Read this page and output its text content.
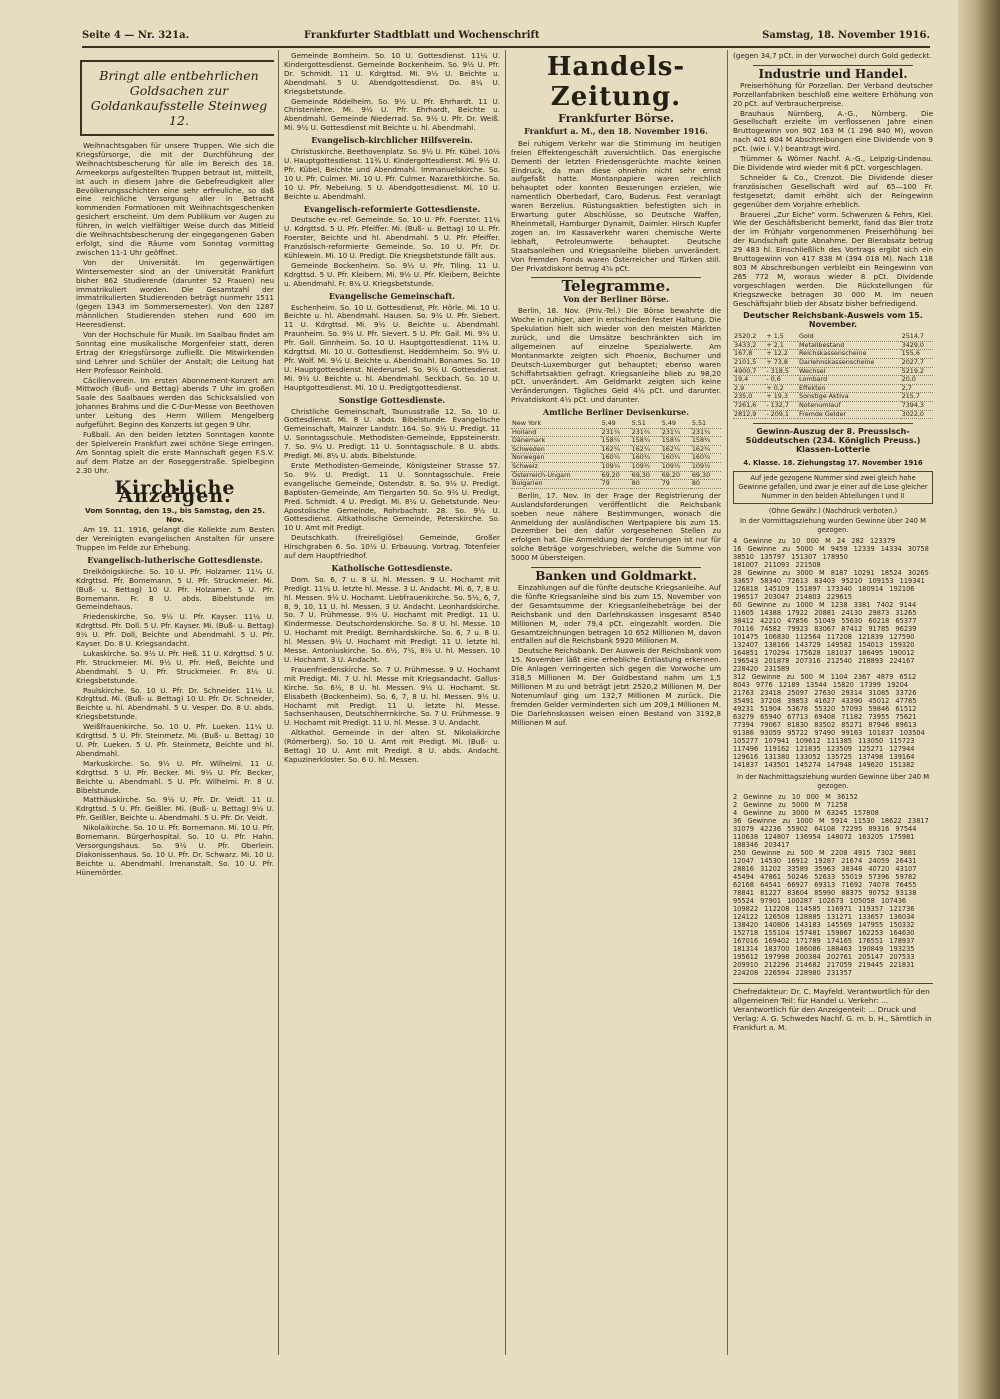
Seite 4 — Nr. 321a.	Frankfurter Stadtblatt und Wochenschrift	Samstag, 18. November 1916.
Bringt alle entbehrlichen Goldsachen zur Goldankaufsstelle Steinweg 12.

Weihnachtsgaben für unsere Truppen. Wie sich die Kriegsfürsorge, die mit der Durchführung der Weihnachtsbescherung für alle im Bereich des 18. Armeekorps aufgestellten Truppen betraut ist, mitteilt, ist auch in diesem Jahre die Gebefreudigkeit aller Bevölkerungsschichten eine sehr erfreuliche, so daß eine reichliche Versorgung aller in Betracht kommenden Formationen mit Weihnachtsgeschenken gesichert erscheint. Um dem Publikum vor Augen zu führen, in welch vielfältiger Weise durch das Mitleid die Weihnachtsbescherung der eingegangenen Gaben erfolgt, sind die Räume vom Sonntag vormittag zwischen 11-1 Uhr geöffnet.

Von der Universität. Im gegenwärtigen Wintersemester sind an der Universität Frankfurt bisher 862 Studierende (darunter 52 Frauen) neu immatrikuliert worden. Die Gesamtzahl der immatrikulierten Studierenden beträgt nunmehr 1511 (gegen 1343 im Sommersemester). Von den 1287 männlichen Studierenden stehen rund 600 im Heeresdienst.

Von der Hochschule für Musik. Im Saalbau findet am Sonntag eine musikalische Morgenfeier statt, deren Ertrag der Kriegsfürsorge zufließt. Die Mitwirkenden sind Lehrer und Schüler der Anstalt; die Leitung hat Herr Professor Reinhold.

Cäcilienverein. Im ersten Abonnement-Konzert am Mittwoch (Buß- und Bettag) abends 7 Uhr im großen Saale des Saalbaues werden das Schicksalslied von Johannes Brahms und die C-Dur-Messe von Beethoven unter Leitung des Herrn Willem Mengelberg aufgeführt. Beginn des Konzerts ist gegen 9 Uhr.

Fußball. An den beiden letzten Sonntagen konnte der Spielverein Frankfurt zwei schöne Siege erringen. Am Sonntag spielt die erste Mannschaft gegen F.S.V. auf dem Platze an der Roseggerstraße. Spielbeginn 2.30 Uhr.

Kirchliche Anzeigen.

Vom Sonntag, den 19., bis Samstag, den 25. Nov.

Am 19. 11. 1916, gelangt die Kollekte zum Besten der Vereinigten evangelischen Anstalten für unsere Truppen im Felde zur Erhebung.

Evangelisch-lutherische Gottesdienste.

Dreikönigskirche. So. 10 U. Pfr. Holzamer. 11¼ U. Kdrgttsd. Pfr. Bornemann. 5 U. Pfr. Struckmeier. Mi. (Buß- u. Bettag) 10 U. Pfr. Holzamer. 5 U. Pfr. Bornemann. Fr. 8 U. abds. Bibelstunde im Gemeindehaus.

Friedenskirche. So. 9½ U. Pfr. Kayser. 11¼ U. Kdrgttsd. Pfr. Doll. 5 U. Pfr. Kayser. Mi. (Buß- u. Bettag) 9½ U. Pfr. Doll, Beichte und Abendmahl. 5 U. Pfr. Kayser. Do. 8 U. Kriegsandacht.

Lukaskirche. So. 9½ U. Pfr. Heß. 11 U. Kdrgttsd. 5 U. Pfr. Struckmeier. Mi. 9½ U. Pfr. Heß, Beichte und Abendmahl. 5 U. Pfr. Struckmeier. Fr. 8¼ U. Kriegsbetstunde.

Paulskirche. So. 10 U. Pfr. Dr. Schneider. 11¼ U. Kdrgttsd. Mi. (Buß- u. Bettag) 10 U. Pfr. Dr. Schneider, Beichte u. hl. Abendmahl. 5 U. Vesper. Do. 8 U. abds. Kriegsbetstunde.

Weißfrauenkirche. So. 10 U. Pfr. Lueken. 11¼ U. Kdrgttsd. 5 U. Pfr. Steinmetz. Mi. (Buß- u. Bettag) 10 U. Pfr. Lueken. 5 U. Pfr. Steinmetz, Beichte und hl. Abendmahl.

Markuskirche. So. 9½ U. Pfr. Wilhelmi. 11 U. Kdrgttsd. 5 U. Pfr. Becker. Mi. 9½ U. Pfr. Becker, Beichte u. Abendmahl. 5 U. Pfr. Wilhelmi. Fr. 8 U. Bibelstunde.

Matthäuskirche. So. 9½ U. Pfr. Dr. Veidt. 11 U. Kdrgttsd. 5 U. Pfr. Geißler. Mi. (Buß- u. Bettag) 9½ U. Pfr. Geißler, Beichte u. Abendmahl. 5 U. Pfr. Dr. Veidt.

Nikolaikirche. So. 10 U. Pfr. Bornemann. Mi. 10 U. Pfr. Bornemann. Bürgerhospital. So. 10 U. Pfr. Hahn. Versorgungshaus. So. 9½ U. Pfr. Oberlein. Diakonissenhaus. So. 10 U. Pfr. Dr. Schwarz. Mi. 10 U. Beichte u. Abendmahl. Irrenanstalt. So. 10 U. Pfr. Hünemörder.

Gemeinde Bornheim. So. 10 U. Gottesdienst. 11¼ U. Kindergottesdienst. Gemeinde Bockenheim. So. 9½ U. Pfr. Dr. Schmidt. 11 U. Kdrgttsd. Mi. 9½ U. Beichte u. Abendmahl. 5 U. Abendgottesdienst. Do. 8¼ U. Kriegsbetstunde.

Gemeinde Rödelheim. So. 9½ U. Pfr. Ehrhardt. 11 U. Christenlehre. Mi. 9½ U. Pfr. Ehrhardt, Beichte u. Abendmahl. Gemeinde Niederrad. So. 9½ U. Pfr. Dr. Weiß. Mi. 9½ U. Gottesdienst mit Beichte u. hl. Abendmahl.

Evangelisch-kirchlicher Hilfsverein.

Christuskirche. Beethovenplatz. So. 9½ U. Pfr. Kübel. 10½ U. Hauptgottesdienst. 11¾ U. Kindergottesdienst. Mi. 9½ U. Pfr. Kübel, Beichte und Abendmahl. Immanuelskirche. So. 10 U. Pfr. Culmer. Mi. 10 U. Pfr. Culmer. Nazarethkirche. So. 10 U. Pfr. Nebelung. 5 U. Abendgottesdienst. Mi. 10 U. Beichte u. Abendmahl.

Evangelisch-reformierte Gottesdienste.

Deutsche ev.-ref. Gemeinde. So. 10 U. Pfr. Foerster. 11¼ U. Kdrgttsd. 5 U. Pfr. Pfeiffer. Mi. (Buß- u. Bettag) 10 U. Pfr. Foerster, Beichte und hl. Abendmahl. 5 U. Pfr. Pfeiffer. Französisch-reformierte Gemeinde. So. 10 U. Pfr. Dr. Kühlewein. Mi. 10 U. Predigt. Die Kriegsbetstunde fällt aus.

Gemeinde Bockenheim. So. 9½ U. Pfr. Tiling. 11 U. Kdrgttsd. 5 U. Pfr. Kleibern. Mi. 9½ U. Pfr. Kleibern, Beichte u. Abendmahl. Fr. 8¼ U. Kriegsbetstunde.

Evangelische Gemeinschaft.

Eschenheim. So. 10 U. Gottesdienst, Pfr. Hörle. Mi. 10 U. Beichte u. hl. Abendmahl. Hausen. So. 9½ U. Pfr. Siebert. 11 U. Kdrgttsd. Mi. 9½ U. Beichte u. Abendmahl. Praunheim. So. 9½ U. Pfr. Sievert. 5 U. Pfr. Gail. Mi. 9½ U. Pfr. Gail. Ginnheim. So. 10 U. Hauptgottesdienst. 11¼ U. Kdrgttsd. Mi. 10 U. Gottesdienst. Heddernheim. So. 9½ U. Pfr. Wolf. Mi. 9½ U. Beichte u. Abendmahl. Bonames. So. 10 U. Hauptgottesdienst. Niederursel. So. 9½ U. Gottesdienst. Mi. 9½ U. Beichte u. hl. Abendmahl. Seckbach. So. 10 U. Hauptgottesdienst. Mi. 10 U. Predigtgottesdienst.

Sonstige Gottesdienste.

Christliche Gemeinschaft, Taunusstraße 12. So. 10 U. Gottesdienst. Mi. 8 U. abds. Bibelstunde. Evangelische Gemeinschaft, Mainzer Landstr. 164. So. 9½ U. Predigt. 11 U. Sonntagsschule. Methodisten-Gemeinde, Eppsteinerstr. 7. So. 9½ U. Predigt. 11 U. Sonntagsschule. 8 U. abds. Predigt. Mi. 8¼ U. abds. Bibelstunde.

Erste Methodisten-Gemeinde, Königsteiner Strasse 57. So. 9½ U. Predigt. 11 U. Sonntagsschule. Freie evangelische Gemeinde, Ostendstr. 8. So. 9½ U. Predigt. Baptisten-Gemeinde, Am Tiergarten 50. So. 9½ U. Predigt, Pred. Schmidt. 4 U. Predigt. Mi. 8¼ U. Gebetstunde. Neu-Apostolische Gemeinde, Rohrbachstr. 28. So. 9½ U. Gottesdienst. Altkatholische Gemeinde, Peterskirche. So. 10 U. Amt mit Predigt.

Deutschkath. (freireligiöse) Gemeinde, Großer Hirschgraben 6. So. 10½ U. Erbauung. Vortrag. Totenfeier auf dem Hauptfriedhof.

Katholische Gottesdienste.

Dom. So. 6, 7 u. 8 U. hl. Messen. 9 U. Hochamt mit Predigt. 11¼ U. letzte hl. Messe. 3 U. Andacht. Mi. 6, 7, 8 U. hl. Messen. 9½ U. Hochamt. Liebfrauenkirche. So. 5½, 6, 7, 8, 9, 10, 11 U. hl. Messen. 3 U. Andacht. Leonhardskirche. So. 7 U. Frühmesse. 9½ U. Hochamt mit Predigt. 11 U. Kindermesse. Deutschordenskirche. So. 8 U. hl. Messe. 10 U. Hochamt mit Predigt. Bernhardskirche. So. 6, 7 u. 8 U. hl. Messen. 9½ U. Hochamt mit Predigt. 11 U. letzte hl. Messe. Antoniuskirche. So. 6½, 7½, 8½ U. hl. Messen. 10 U. Hochamt. 3 U. Andacht.

Frauenfriedenskirche. So. 7 U. Frühmesse. 9 U. Hochamt mit Predigt. Mi. 7 U. hl. Messe mit Kriegsandacht. Gallus-Kirche. So. 6½, 8 U. hl. Messen. 9½ U. Hochamt. St. Elisabeth (Bockenheim). So. 6, 7, 8 U. hl. Messen. 9½ U. Hochamt mit Predigt. 11 U. letzte hl. Messe. Sachsenhausen, Deutschherrnkirche. So. 7 U. Frühmesse. 9 U. Hochamt mit Predigt. 11 U. hl. Messe. 3 U. Andacht.

Altkathol. Gemeinde in der alten St. Nikolaikirche (Römerberg). So. 10 U. Amt mit Predigt. Mi. (Buß- u. Bettag) 10 U. Amt mit Predigt. 8 U. abds. Andacht. Kapuzinerkloster. So. 6 U. hl. Messen.

Handels-Zeitung.
Frankfurter Börse.
Frankfurt a. M., den 18. November 1916.

Bei ruhigem Verkehr war die Stimmung im heutigen freien Effektengeschäft zuversichtlich. Das energische Dementi der letzten Friedensgerüchte machte keinen Eindruck, da man diese ohnehin nicht sehr ernst aufgefaßt hatte. Montanpapiere waren reichlich behauptet oder konnten Besserungen erzielen, wie namentlich Oberbedarf, Caro, Buderus. Fest veranlagt waren Berzelius. Rüstungsaktien befestigten sich in Erwartung guter Abschlüsse, so Deutsche Waffen, Rheinmetall, Hamburger Dynamit, Daimler. Hirsch Kupfer zogen an. Im Kassaverkehr waren chemische Werte lebhaft, Petroleumwerte behauptet. Deutsche Staatsanleihen und Kriegsanleihe blieben unverändert. Von fremden Fonds waren Österreicher und Türken still. Der Privatdiskont betrug 4⅝ pCt.

Telegramme.
Von der Berliner Börse.

Berlin, 18. Nov. (Priv.-Tel.) Die Börse bewahrte die Woche in ruhiger, aber in entschieden fester Haltung. Die Spekulation hielt sich wieder von den meisten Märkten zurück, und die Umsätze beschränkten sich im allgemeinen auf einzelne Spezialwerte. Am Montanmarkte zeigten sich Phoenix, Bochumer und Deutsch-Luxemburger gut behauptet; ebenso waren Schiffahrtsaktien gefragt. Kriegsanleihe blieb zu 98,20 pCt. unverändert. Am Geldmarkt zeigten sich keine Veränderungen. Tägliches Geld 4½ pCt. und darunter. Privatdiskont 4½ pCt. und darunter.

Amtliche Berliner Devisenkurse.
New York	5,49	5,51	5,49	5,51
Holland	231¼	231¾	231¼	231¾
Dänemark	158¼	158¾	158¼	158¾
Schweden	162¼	162¾	162¼	162¾
Norwegen	160¼	160¾	160¼	160¾
Schweiz	109¼	109½	109¼	109½
Österreich-Ungarn	69,20	69,30	69,20	69,30
Bulgarien	79	80	79	80

Berlin, 17. Nov. In der Frage der Registrierung der Auslandsforderungen veröffentlicht die Reichsbank soeben neue nähere Bestimmungen, wonach die Anmeldung der ausländischen Wertpapiere bis zum 15. Dezember bei den dafür vorgesehenen Stellen zu erfolgen hat. Die Anmeldung der Forderungen ist nur für solche Beträge vorgeschrieben, welche die Summe von 5000 M übersteigen.

Banken und Goldmarkt.

Einzahlungen auf die fünfte deutsche Kriegsanleihe. Auf die fünfte Kriegsanleihe sind bis zum 15. November von der Gesamtsumme der Kriegsanleihebeträge bei der Reichsbank und den Darlehnskassen insgesamt 8540 Millionen M, oder 79,4 pCt. eingezahlt worden. Die Gesamtzeichnungen betragen 10 652 Millionen M, davon entfallen auf die Reichsbank 5920 Millionen M.

Deutsche Reichsbank. Der Ausweis der Reichsbank vom 15. November läßt eine erhebliche Entlastung erkennen. Die Anlagen verringerten sich gegen die Vorwoche um 318,5 Millionen M. Der Goldbestand nahm um 1,5 Millionen M zu und beträgt jetzt 2520,2 Millionen M. Der Notenumlauf ging um 132,7 Millionen M zurück. Die fremden Gelder verminderten sich um 209,1 Millionen M. Die Darlehnskassen weisen einen Bestand von 3192,8 Millionen M auf.

(gegen 34,7 pCt. in der Vorwoche) durch Gold gedeckt.

Industrie und Handel.

Preiserhöhung für Porzellan. Der Verband deutscher Porzellanfabriken beschloß eine weitere Erhöhung von 20 pCt. auf Verbraucherpreise.

Brauhaus Nürnberg, A.-G., Nürnberg. Die Gesellschaft erzielte im verflossenen Jahre einen Bruttogewinn von 902 163 M (1 296 840 M), wovon nach 401 804 M Abschreibungen eine Dividende von 9 pCt. (wie i. V.) beantragt wird.

Trümmer & Wörner Nachf. A.-G., Leipzig-Lindenau. Die Dividende wird wieder mit 6 pCt. vorgeschlagen.

Schneider & Co., Crenzot. Die Dividende dieser französischen Gesellschaft wird auf 65—100 Fr. festgesetzt; damit erhöht sich der Reingewinn gegenüber dem Vorjahre erheblich.

Brauerei „Zur Eiche" vorm. Schwenzen & Fehrs, Kiel. Wie der Geschäftsbericht bemerkt, fand das Bier trotz der im Frühjahr vorgenommenen Preiserhöhung bei der Kundschaft gute Abnahme. Der Bierabsatz betrug 29 483 hl. Einschließlich des Vortrags ergibt sich ein Bruttogewinn von 417 838 M (394 018 M). Nach 118 803 M Abschreibungen verbleibt ein Reingewinn von 265 772 M, woraus wieder 8 pCt. Dividende vorgeschlagen werden. Die Rückstellungen für Kriegszwecke betragen 30 000 M. Im neuen Geschäftsjahr blieb der Absatz bisher befriedigend.

Deutscher Reichsbank-Ausweis vom 15. November.
2520,2	+ 1,5	Gold	2514,7
3433,2	+ 2,1	Metallbestand	3429,0
167,8	+ 12,2	Reichskassenscheine	155,6
2101,5	+ 73,8	Darlehnskassenscheine	2027,7
4900,7	- 318,5	Wechsel	5219,2
19,4	- 0,6	Lombard	20,0
2,9	+ 0,2	Effekten	2,7
235,0	+ 19,3	Sonstige Aktiva	215,7
7261,6	- 132,7	Notenumlauf	7394,3
2812,9	- 209,1	Fremde Gelder	3022,0
Gewinn-Auszug der 8. Preussisch-Süddeutschen (234. Königlich Preuss.) Klassen-Lotterie
4. Klasse. 18. Ziehungstag 17. November 1916
Auf jede gezogene Nummer sind zwei gleich hohe Gewinne gefallen, und zwar je einer auf die Lose gleicher Nummer in den beiden Abteilungen I und II
(Ohne Gewähr.) (Nachdruck verboten.)
In der Vormittagsziehung wurden Gewinne über 240 M gezogen.
4 Gewinne zu 10 000 M 24 282 123379
16 Gewinne zu 5000 M 9459 12339 14334 30758 38510 135797 151307 178950
181007 211093 221508
28 Gewinne zu 3000 M 8187 10291 18524 30265
33657 58340 72613 83403 95210 109153 119341
126818 145109 151897 173340 180914 192106
196517 203047 214803 229615
60 Gewinne zu 1000 M 1238 3381 7402 9144
11605 14388 17922 20881 24130 29873 31265
38412 42210 47856 51049 55630 60218 65377
70116 74582 79923 83067 87412 91785 96239
101475 106830 112564 117208 121839 127590
132407 138166 143729 149582 154013 159320
164851 170294 175628 181037 186495 190012
196543 201878 207316 212540 218893 224167
228420 231589
312 Gewinne zu 500 M 1104 2367 4879 6512
8043 9776 12189 13544 15820 17399 19204
21763 23418 25097 27630 29314 31085 33726
35491 37208 39853 41627 43390 45012 47785
49231 51904 53678 55320 57093 59846 61512
63279 65940 67713 69408 71182 73955 75621
77394 79067 81830 83502 85271 87946 89613
91386 93059 95722 97490 99163 101837 103504
105277 107941 109612 111385 113050 115723
117496 119162 121835 123509 125271 127944
129616 131380 133052 135725 137498 139164
141837 143501 145274 147948 149620 151382
In der Nachmittagsziehung wurden Gewinne über 240 M gezogen.
2 Gewinne zu 10 000 M 36152
2 Gewinne zu 5000 M 71258
4 Gewinne zu 3000 M 63245 157808
36 Gewinne zu 1000 M 5914 11530 18622 23817
31079 42236 55902 64108 72295 89316 97544
110638 124807 136954 148072 163205 175981
188346 203417
250 Gewinne zu 500 M 2208 4915 7302 9681
12047 14530 16912 19287 21674 24059 26431
28816 31202 33589 35963 38348 40720 43107
45494 47861 50246 52633 55019 57396 59782
62168 64541 66927 69313 71692 74078 76455
78841 81227 83604 85990 88375 90752 93138
95524 97901 100287 102673 105058 107436
109822 112208 114585 116971 119357 121736
124122 126508 128885 131271 133657 136034
138420 140806 143183 145569 147955 150332
152718 155104 157481 159867 162253 164630
167016 169402 171789 174165 176551 178937
181314 183700 186086 188463 190849 193235
195612 197998 200384 202761 205147 207533
209910 212296 214682 217059 219445 221831
224208 226594 228980 231357
Chefredakteur: Dr. C. Mayfeld. Verantwortlich für den allgemeinen Teil: für Handel u. Verkehr: ... Verantwortlich für den Anzeigenteil: ... Druck und Verlag: A. G. Schwedes Nachf. G. m. b. H., Sämtlich in Frankfurt a. M.
